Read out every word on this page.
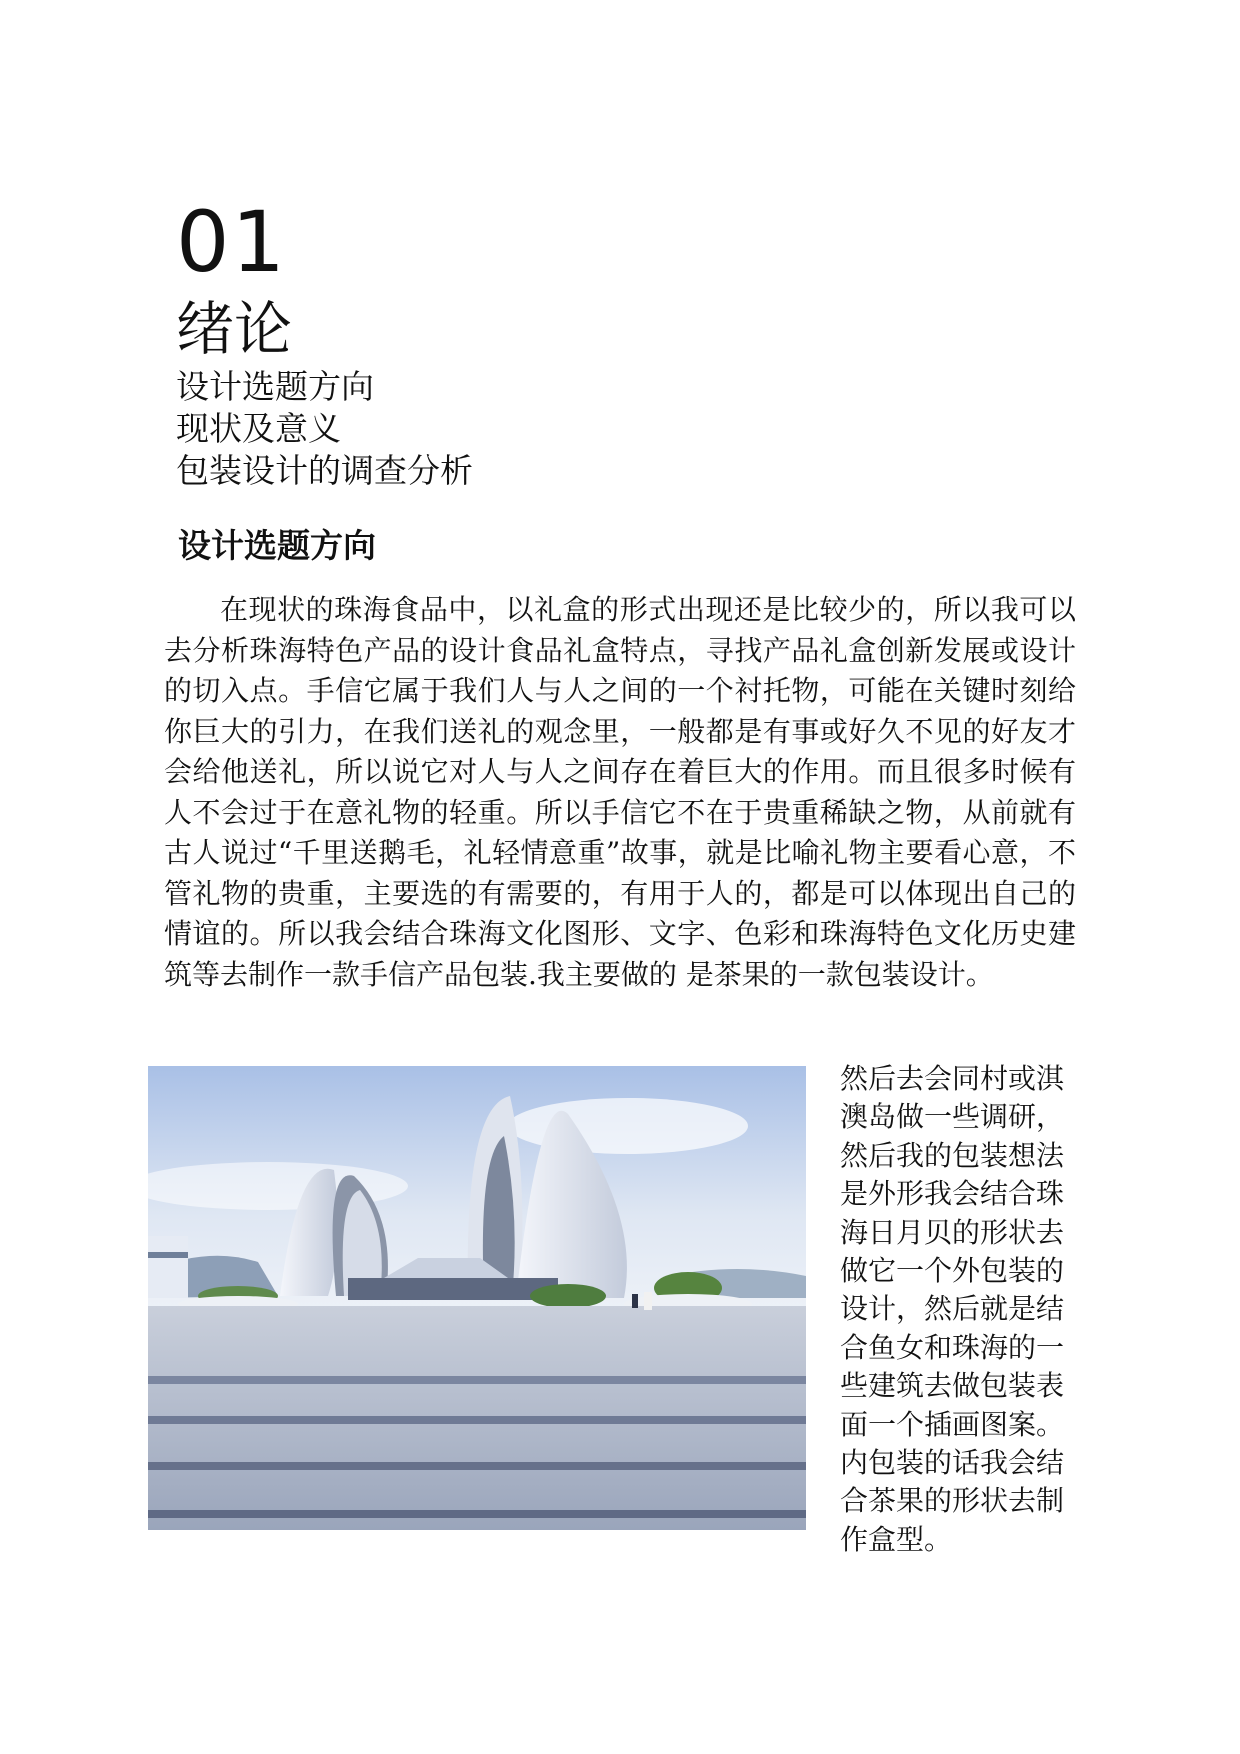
01
绪论
设计选题方向
现状及意义
包装设计的调查分析
设计选题方向

在现状的珠海食品中，以礼盒的形式出现还是比较少的，所以我可以去分析珠海特色产品的设计食品礼盒特点，寻找产品礼盒创新发展或设计的切入点。手信它属于我们人与人之间的一个衬托物，可能在关键时刻给你巨大的引力，在我们送礼的观念里，一般都是有事或好久不见的好友才会给他送礼，所以说它对人与人之间存在着巨大的作用。而且很多时候有人不会过于在意礼物的轻重。所以手信它不在于贵重稀缺之物，从前就有古人说过“千里送鹅毛，礼轻情意重”故事，就是比喻礼物主要看心意，不管礼物的贵重，主要选的有需要的，有用于人的，都是可以体现出自己的情谊的。所以我会结合珠海文化图形、文字、色彩和珠海特色文化历史建筑等去制作一款手信产品包装.我主要做的 是茶果的一款包装设计。

然后去会同村或淇澳岛做一些调研，然后我的包装想法是外形我会结合珠海日月贝的形状去做它一个外包装的设计，然后就是结合鱼女和珠海的一些建筑去做包装表面一个插画图案。内包装的话我会结合茶果的形状去制作盒型。
